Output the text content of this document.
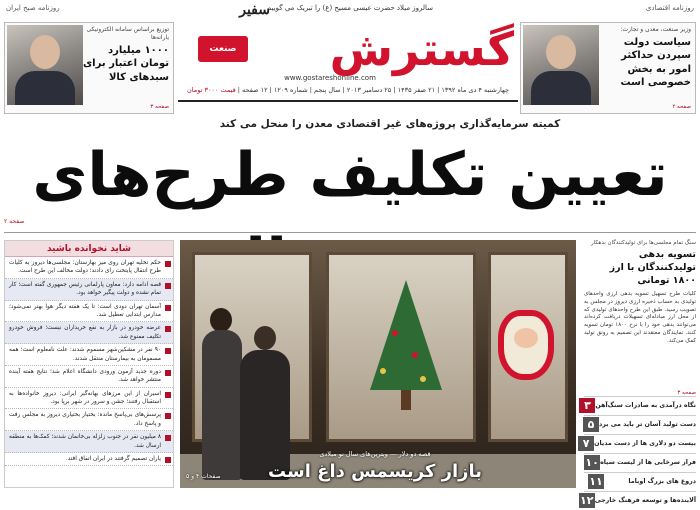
سفیر
سالروز میلاد حضرت عیسی مسیح (ع) را تبریک می گوییم
روزنامه صبح ایران	روزنامه اقتصادی
توزیع براساس سامانه الکترونیکی یارانه‌ها
۱۰۰۰ میلیارد تومان اعتبار برای سبدهای کالا
صفحه ۳
وزیر صنعت، معدن و تجارت:
سیاست دولت سپردن حداکثر امور به بخش خصوصی است
صفحه ۲
گسترش
صنعت معدن	www.gostareshonline.com
چهارشنبه ۴ دی ماه ۱۳۹۲ | ۲۱ صفر ۱۴۳۵ | ۲۵ دسامبر ۲۰۱۳ | سال پنجم | شماره ۱۲۰۹ | ۱۲ صفحه | قیمت ۳۰۰۰ تومان
کمیته سرمایه‌گذاری پروژه‌های غیر اقتصادی معدن را منحل می کند
تعیین تکلیف طرح‌های
صفحه ۲
شاید نخوانده باشید
حکم تخلیه تهران روی میز بهارستان: مجلسی‌ها دیروز به کلیات طرح انتقال پایتخت رای دادند؛ دولت مخالف این طرح است.
قصه ادامه دارد: معاون پارلمانی رئیس جمهوری گفته است؛ کار تمام نشده و دولت پیگیر خواهد بود.
آسمان تهران دودی است: تا یک هفته دیگر هوا بهتر نمی‌شود؛ مدارس ابتدایی تعطیل شد.
عرضه خودرو در بازار به نفع خریداران نیست؛ فروش خودرو تکلیف ممنوع شد.
۹۰ نفر در مشکین‌شهر مسموم شدند: علت نامعلوم است؛ همه مسمومان به بیمارستان منتقل شدند.
دوره جدید آزمون ورودی دانشگاه اعلام شد؛ نتایج هفته آینده منتشر خواهد شد.
اسیران از این مرزهای بهانه‌گیر ایرانی: دیروز خانواده‌ها به استقبال رفتند؛ جشن و سرور در شهر برپا بود.
پرسش‌های بی‌پاسخ مانده: بختیار بختیاری دیروز به مجلس رفت و پاسخ داد.
۸ میلیون نفر در جنوب زلزله بی‌خانمان شدند؛ کمک‌ها به منطقه ارسال شد.
یاران تصمیم گرفتند در ایران اتفاق افتد.
قصه دو دلار — ویترین‌های سال نو میلادی
بازار کریسمس داغ است
صفحات ۴ و ۵
سنگ تمام مجلسی‌ها برای تولیدکنندگان بدهکار
تسویه بدهی تولیدکنندگان با ارز ۱۸۰۰ تومانی
کلیات طرح تسهیل تسویه بدهی ارزی واحدهای تولیدی به حساب ذخیره ارزی دیروز در مجلس به تصویب رسید. طبق این طرح واحدهای تولیدی که از محل ارز مبادله‌ای تسهیلات دریافت کرده‌اند می‌توانند بدهی خود را با نرخ ۱۸۰۰ تومان تسویه کنند. نمایندگان معتقدند این تصمیم به رونق تولید کمک می‌کند.
صفحه ۳
نگاه درآمدی به صادرات سنگ‌آهن
۳
دست تولید آسان تر باید می برد
۵
بیست دو دلاری ها از دست مدیان
۷
فراز سرخابی ها از لیست سیاه
۱۰
دروغ های بزرگ اوباما
۱۱
آلاینده‌ها و توسعه فرهنگ خارجی
۱۲
